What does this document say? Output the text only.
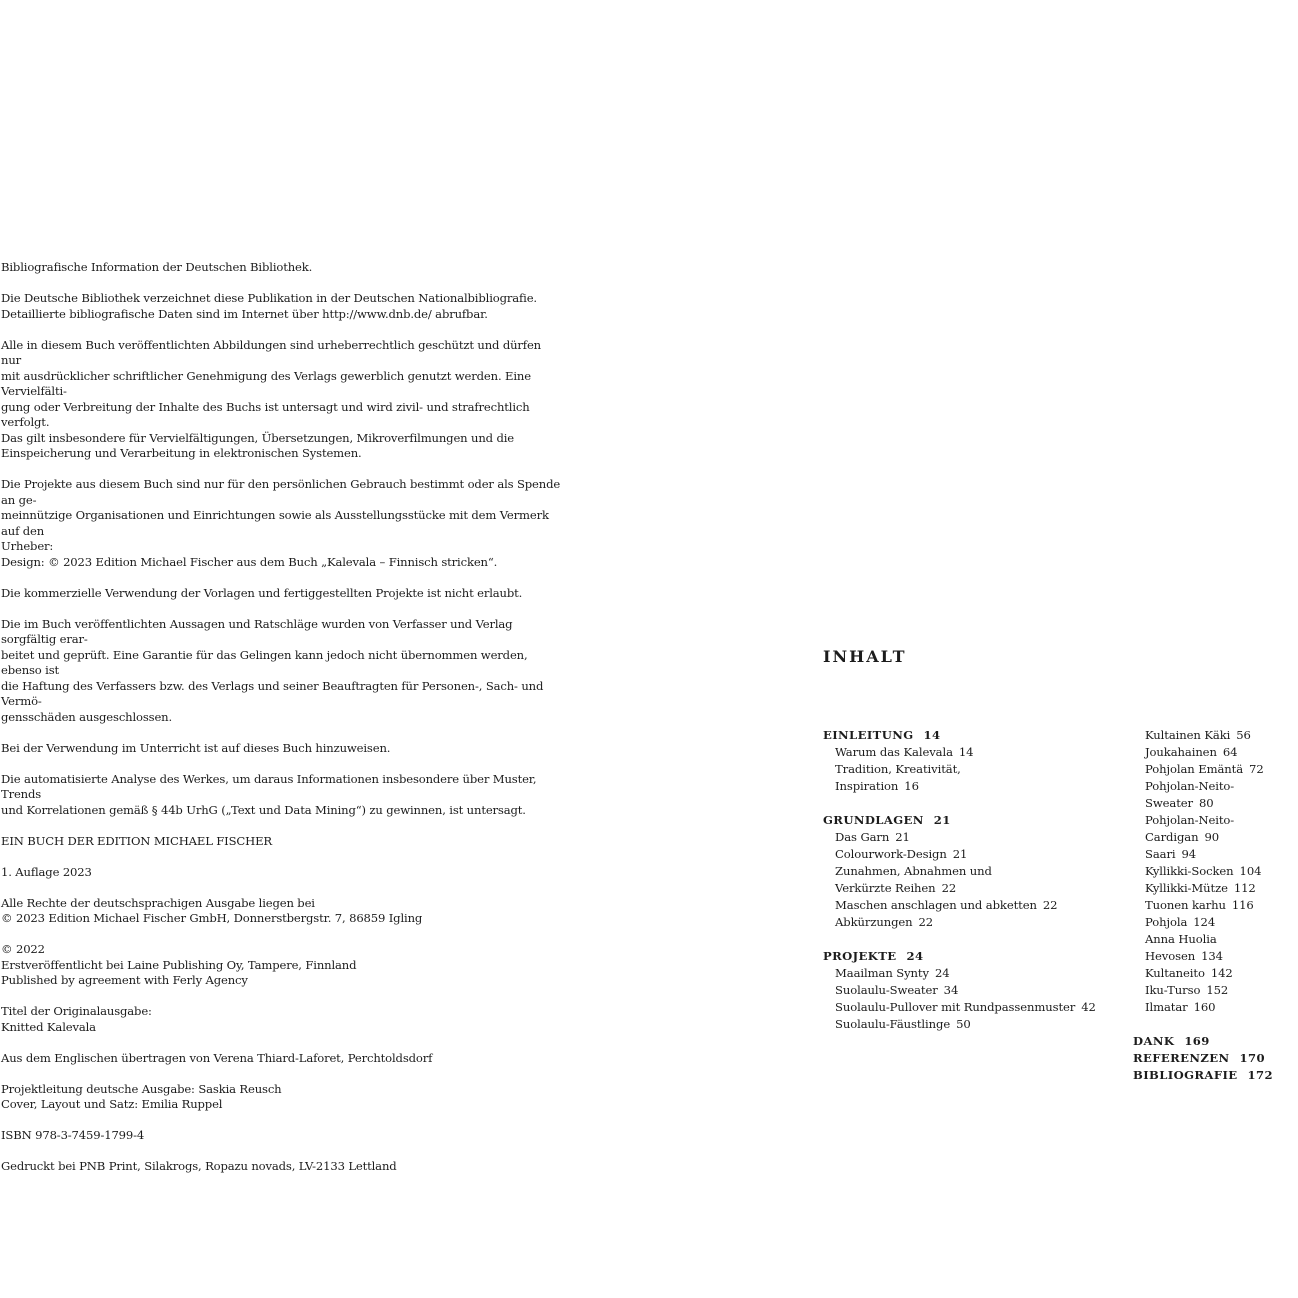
Bibliografische Information der Deutschen Bibliothek.

Die Deutsche Bibliothek verzeichnet diese Publikation in der Deutschen Nationalbibliografie.
Detaillierte bibliografische Daten sind im Internet über http://www.dnb.de/ abrufbar.

Alle in diesem Buch veröffentlichten Abbildungen sind urheberrechtlich geschützt und dürfen nur
mit ausdrücklicher schriftlicher Genehmigung des Verlags gewerblich genutzt werden. Eine Vervielfälti-
gung oder Verbreitung der Inhalte des Buchs ist untersagt und wird zivil- und strafrechtlich verfolgt.
Das gilt insbesondere für Vervielfältigungen, Übersetzungen, Mikroverfilmungen und die
Einspeicherung und Verarbeitung in elektronischen Systemen.

Die Projekte aus diesem Buch sind nur für den persönlichen Gebrauch bestimmt oder als Spende an ge-
meinnützige Organisationen und Einrichtungen sowie als Ausstellungsstücke mit dem Vermerk auf den
Urheber:
Design: © 2023 Edition Michael Fischer aus dem Buch „Kalevala – Finnisch stricken“.

Die kommerzielle Verwendung der Vorlagen und fertiggestellten Projekte ist nicht erlaubt.

Die im Buch veröffentlichten Aussagen und Ratschläge wurden von Verfasser und Verlag sorgfältig erar-
beitet und geprüft. Eine Garantie für das Gelingen kann jedoch nicht übernommen werden, ebenso ist
die Haftung des Verfassers bzw. des Verlags und seiner Beauftragten für Personen-, Sach- und Vermö-
gensschäden ausgeschlossen.

Bei der Verwendung im Unterricht ist auf dieses Buch hinzuweisen.

Die automatisierte Analyse des Werkes, um daraus Informationen insbesondere über Muster, Trends
und Korrelationen gemäß § 44b UrhG („Text und Data Mining“) zu gewinnen, ist untersagt.

EIN BUCH DER EDITION MICHAEL FISCHER

1. Auflage 2023

Alle Rechte der deutschsprachigen Ausgabe liegen bei
© 2023 Edition Michael Fischer GmbH, Donnerstbergstr. 7, 86859 Igling

© 2022
Erstveröffentlicht bei Laine Publishing Oy, Tampere, Finnland
Published by agreement with Ferly Agency

Titel der Originalausgabe:
Knitted Kalevala

Aus dem Englischen übertragen von Verena Thiard-Laforet, Perchtoldsdorf

Projektleitung deutsche Ausgabe: Saskia Reusch
Cover, Layout und Satz: Emilia Ruppel

ISBN 978-3-7459-1799-4

Gedruckt bei PNB Print, Silakrogs, Ropazu novads, LV-2133 Lettland

INHALT
EINLEITUNG 14
Warum das Kalevala 14
Tradition, Kreativität,
Inspiration 16
GRUNDLAGEN 21
Das Garn 21
Colourwork-Design 21
Zunahmen, Abnahmen und
Verkürzte Reihen 22
Maschen anschlagen und abketten 22
Abkürzungen 22
PROJEKTE 24
Maailman Synty 24
Suolaulu-Sweater 34
Suolaulu-Pullover mit Rundpassenmuster 42
Suolaulu-Fäustlinge 50
Kultainen Käki 56
Joukahainen 64
Pohjolan Emäntä 72
Pohjolan-Neito-Sweater 80
Pohjolan-Neito-Cardigan 90
Saari 94
Kyllikki-Socken 104
Kyllikki-Mütze 112
Tuonen karhu 116
Pohjola 124
Anna Huolia Hevosen 134
Kultaneito 142
Iku-Turso 152
Ilmatar 160
DANK 169
REFERENZEN 170
BIBLIOGRAFIE 172
